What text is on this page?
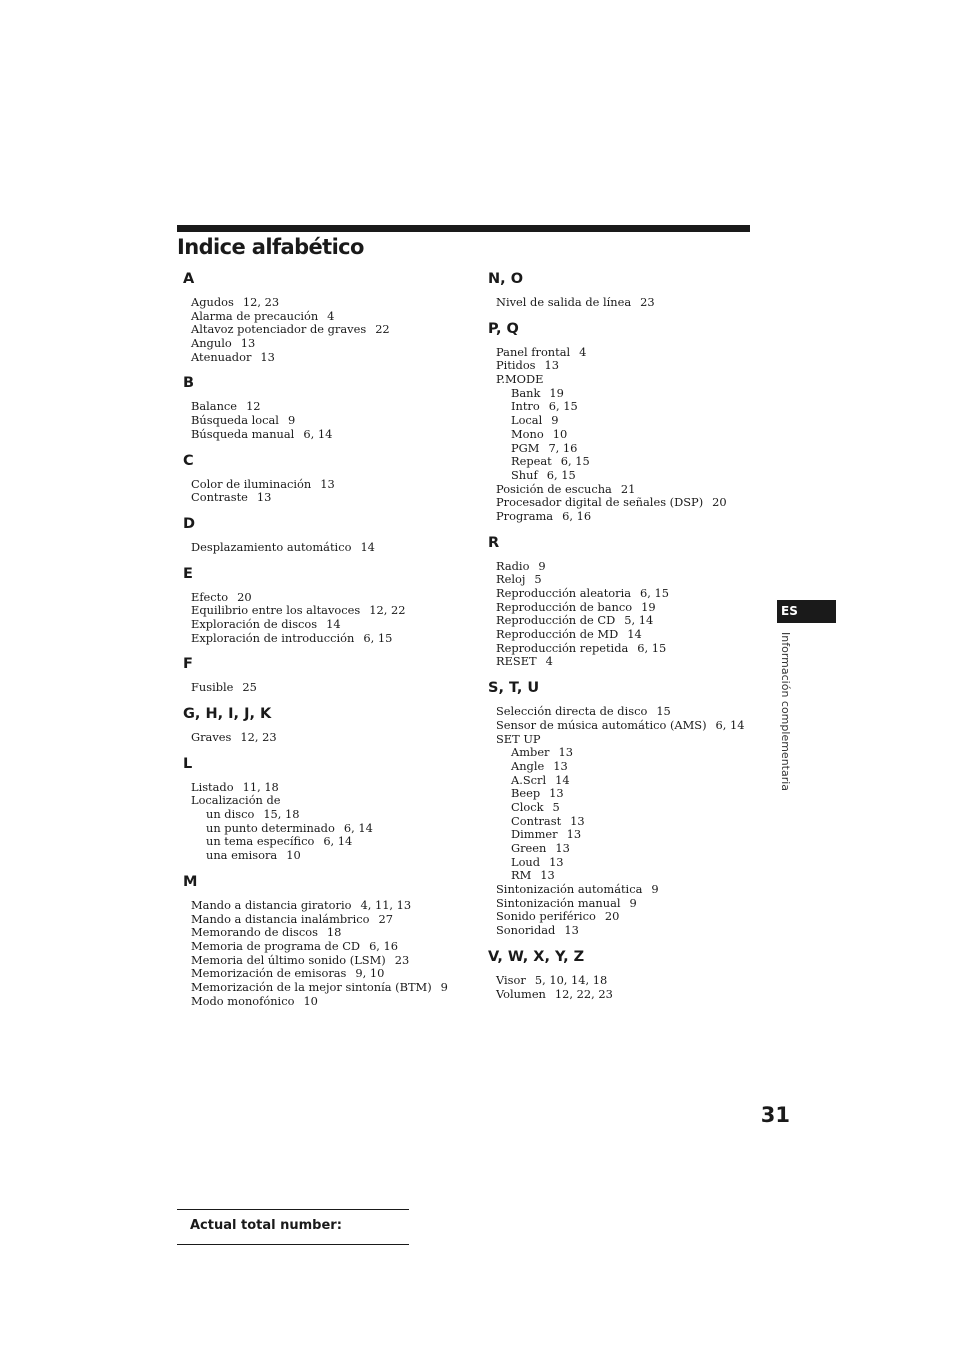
Indice alfabético
A
Agudos 12, 23
Alarma de precaución 4
Altavoz potenciador de graves 22
Angulo 13
Atenuador 13
B
Balance 12
Búsqueda local 9
Búsqueda manual 6, 14
C
Color de iluminación 13
Contraste 13
D
Desplazamiento automático 14
E
Efecto 20
Equilibrio entre los altavoces 12, 22
Exploración de discos 14
Exploración de introducción 6, 15
F
Fusible 25
G, H, I, J, K
Graves 12, 23
L
Listado 11, 18
Localización de
un disco 15, 18
un punto determinado 6, 14
un tema específico 6, 14
una emisora 10
M
Mando a distancia giratorio 4, 11, 13
Mando a distancia inalámbrico 27
Memorando de discos 18
Memoria de programa de CD 6, 16
Memoria del último sonido (LSM) 23
Memorización de emisoras 9, 10
Memorización de la mejor sintonía (BTM) 9
Modo monofónico 10
N, O
Nivel de salida de línea 23
P, Q
Panel frontal 4
Pitidos 13
P.MODE
Bank 19
Intro 6, 15
Local 9
Mono 10
PGM 7, 16
Repeat 6, 15
Shuf 6, 15
Posición de escucha 21
Procesador digital de señales (DSP) 20
Programa 6, 16
R
Radio 9
Reloj 5
Reproducción aleatoria 6, 15
Reproducción de banco 19
Reproducción de CD 5, 14
Reproducción de MD 14
Reproducción repetida 6, 15
RESET 4
S, T, U
Selección directa de disco 15
Sensor de música automático (AMS) 6, 14
SET UP
Amber 13
Angle 13
A.Scrl 14
Beep 13
Clock 5
Contrast 13
Dimmer 13
Green 13
Loud 13
RM 13
Sintonización automática 9
Sintonización manual 9
Sonido periférico 20
Sonoridad 13
V, W, X, Y, Z
Visor 5, 10, 14, 18
Volumen 12, 22, 23
ES
Información complementaria
31
Actual total number:
